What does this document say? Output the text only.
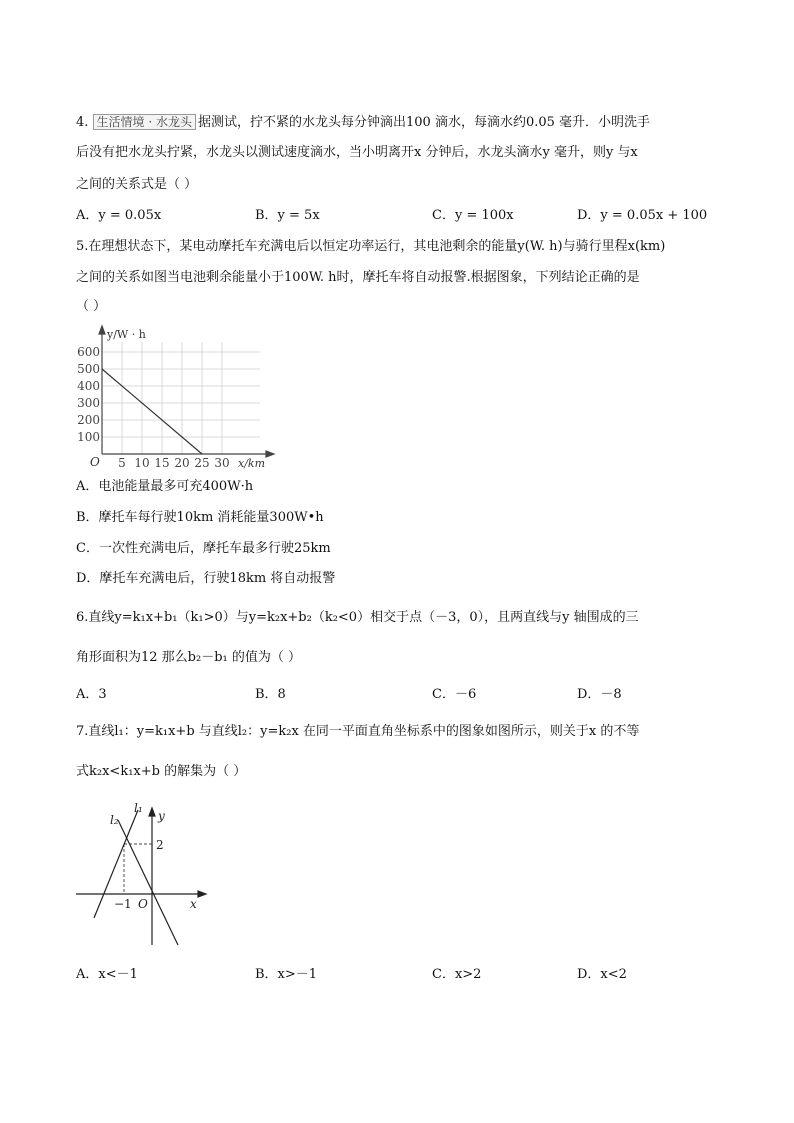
4. 生活情境 · 水龙头 据测试，拧不紧的水龙头每分钟滴出100 滴水，每滴水约0.05 毫升．小明洗手
后没有把水龙头拧紧，水龙头以测试速度滴水，当小明离开x 分钟后，水龙头滴水y 毫升，则y 与x
之间的关系式是（ ）
A．y = 0.05x	B．y = 5x	C．y = 100x	D．y = 0.05x + 100
5.在理想状态下，某电动摩托车充满电后以恒定功率运行，其电池剩余的能量y(W. h)与骑行里程x(km)
之间的关系如图当电池剩余能量小于100W. h时，摩托车将自动报警.根据图象，下列结论正确的是
（ ）
y/W · h
x/km
O
100
200
300
400
500
600
5 10 15 20 25 30
A．电池能量最多可充400W·h
B．摩托车每行驶10km 消耗能量300W•h
C．一次性充满电后，摩托车最多行驶25km
D．摩托车充满电后，行驶18km 将自动报警
6.直线y=k₁x+b₁（k₁>0）与y=k₂x+b₂（k₂<0）相交于点（－3，0），且两直线与y 轴围成的三
角形面积为12 那么b₂－b₁ 的值为（ ）
A．3	B．8	C．－6	D．－8
7.直线l₁：y=k₁x+b 与直线l₂：y=k₂x 在同一平面直角坐标系中的图象如图所示，则关于x 的不等
式k₂x<k₁x+b 的解集为（ ）
l₂
l₁
y
x
O
2
−1
A．x<－1	B．x>－1	C．x>2	D．x<2
